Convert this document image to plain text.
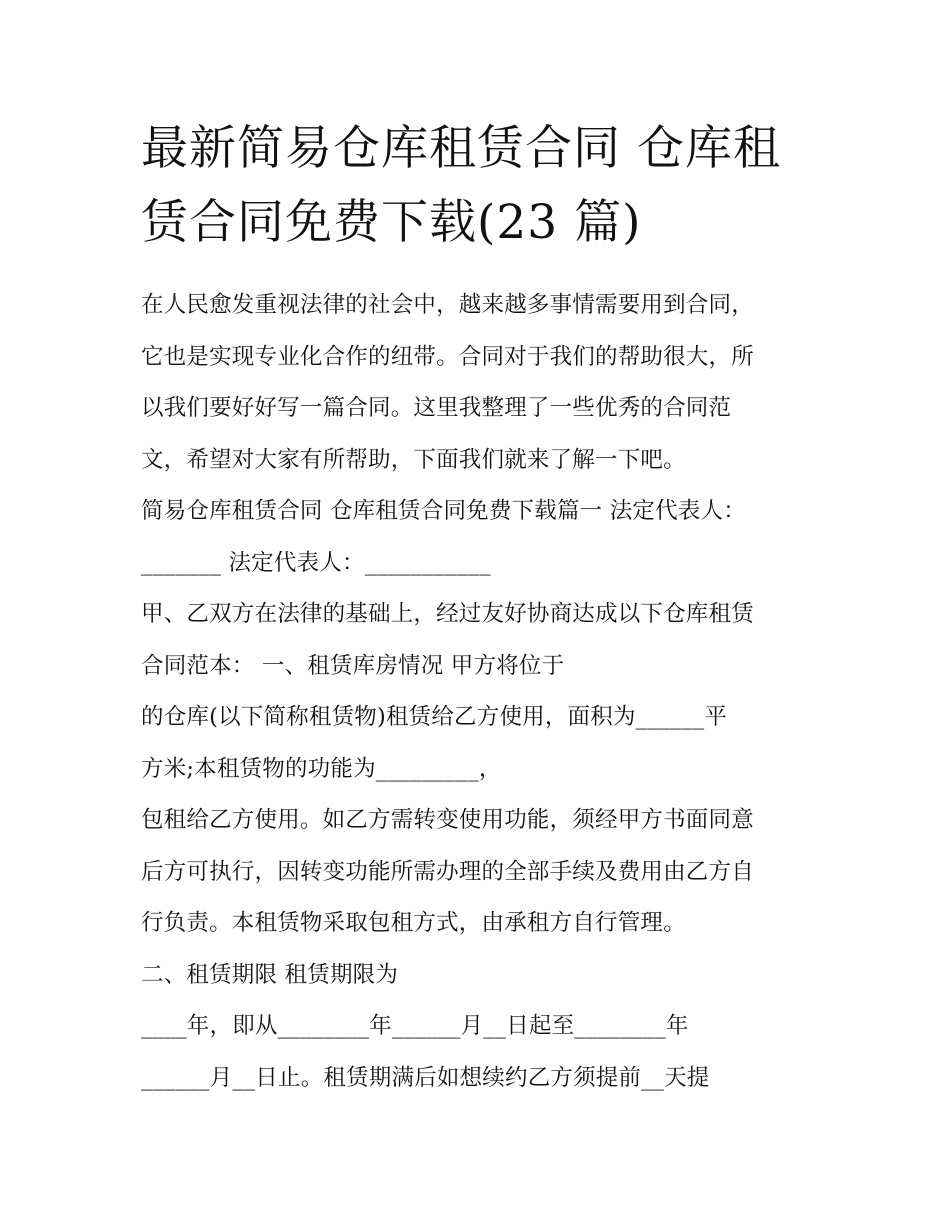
最新简易仓库租赁合同 仓库租
赁合同免费下载(23 篇)
在人民愈发重视法律的社会中，越来越多事情需要用到合同，
它也是实现专业化合作的纽带。合同对于我们的帮助很大，所
以我们要好好写一篇合同。这里我整理了一些优秀的合同范
文，希望对大家有所帮助，下面我们就来了解一下吧。
简易仓库租赁合同 仓库租赁合同免费下载篇一 法定代表人：
_______ 法定代表人：___________
甲、乙双方在法律的基础上，经过友好协商达成以下仓库租赁
合同范本： 一、租赁库房情况 甲方将位于
的仓库(以下简称租赁物)租赁给乙方使用，面积为______平
方米;本租赁物的功能为_________，
包租给乙方使用。如乙方需转变使用功能，须经甲方书面同意
后方可执行，因转变功能所需办理的全部手续及费用由乙方自
行负责。本租赁物采取包租方式，由承租方自行管理。
二、租赁期限 租赁期限为
____年，即从________年______月__日起至________年
______月__日止。租赁期满后如想续约乙方须提前__天提
